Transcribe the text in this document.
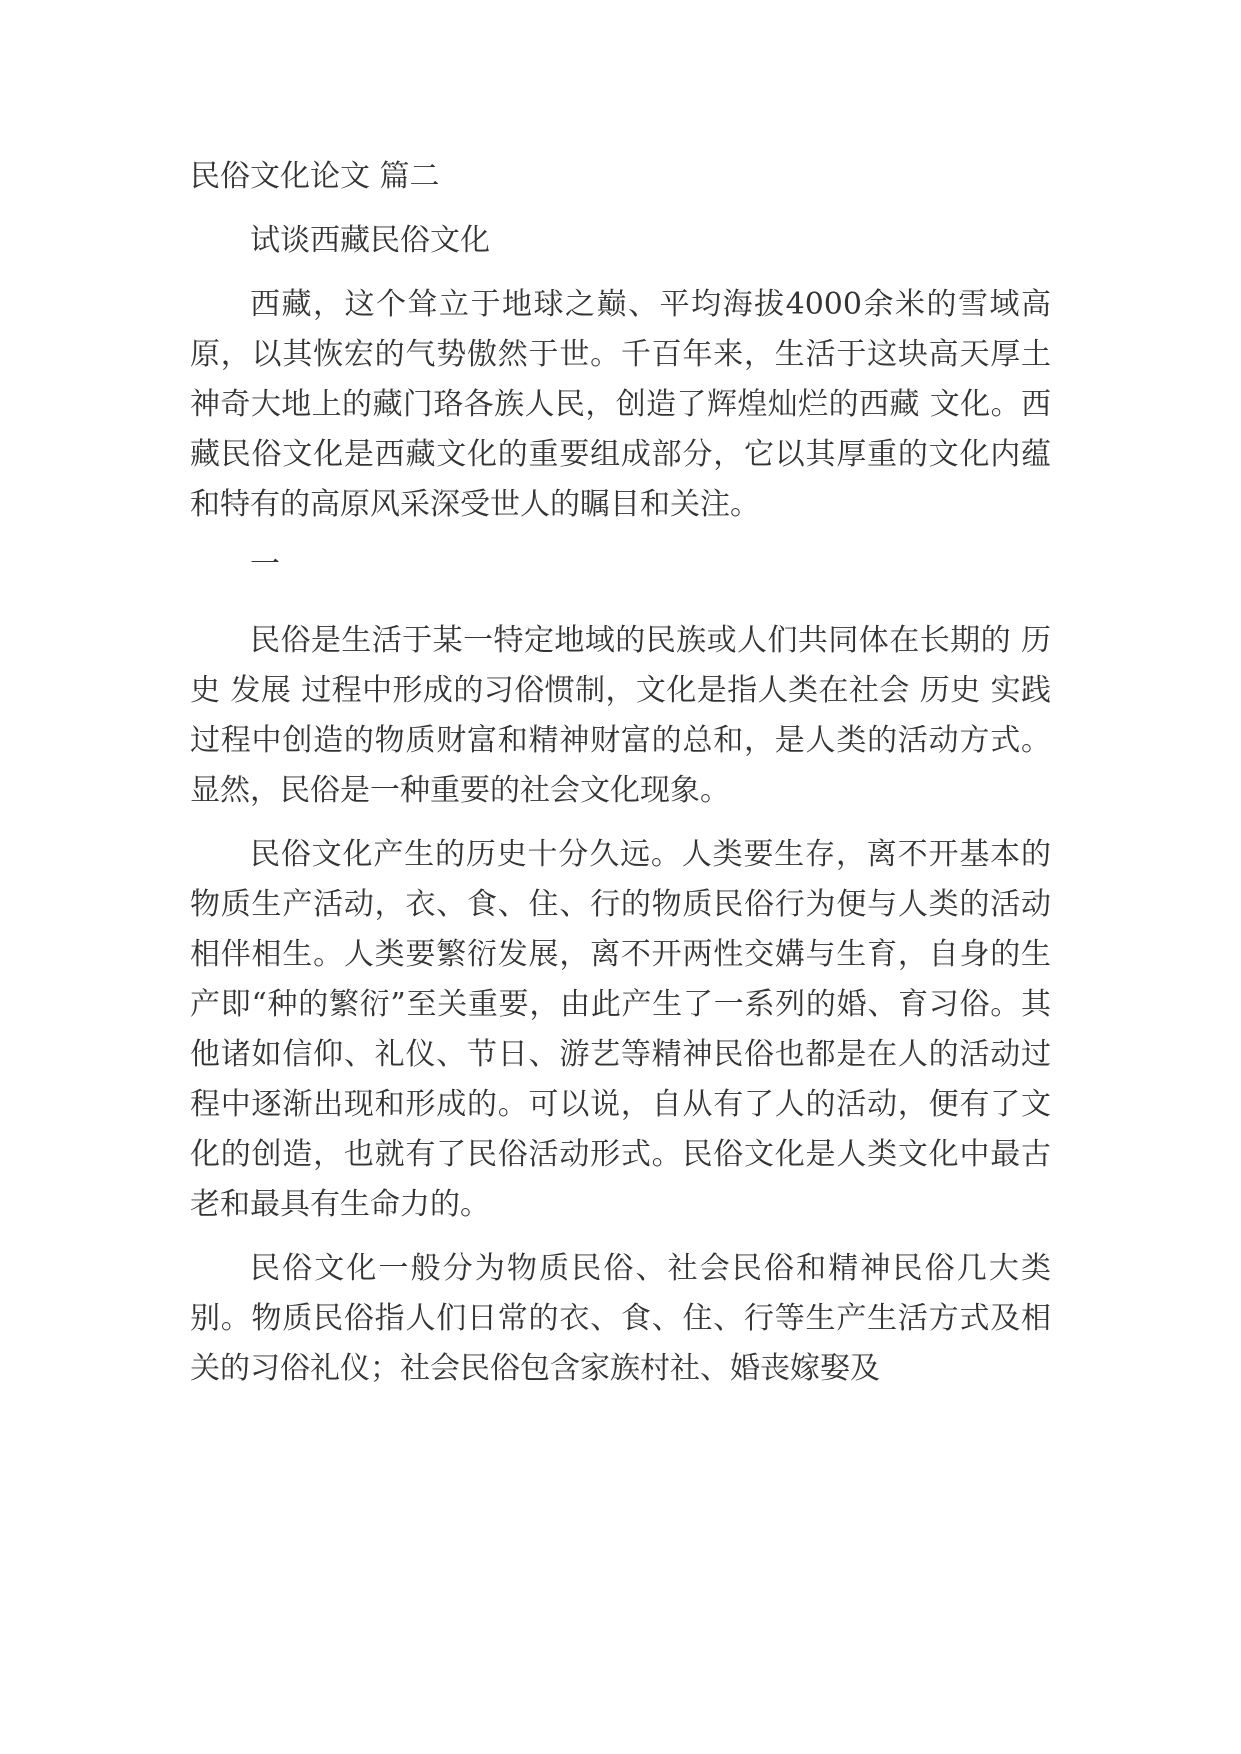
民俗文化论文 篇二

试谈西藏民俗文化

西藏，这个耸立于地球之巅、平均海拔4000余米的雪域高原，以其恢宏的气势傲然于世。千百年来，生活于这块高天厚土神奇大地上的藏门珞各族人民，创造了辉煌灿烂的西藏 文化。西藏民俗文化是西藏文化的重要组成部分，它以其厚重的文化内蕴和特有的高原风采深受世人的瞩目和关注。

一

民俗是生活于某一特定地域的民族或人们共同体在长期的 历史 发展 过程中形成的习俗惯制，文化是指人类在社会 历史 实践过程中创造的物质财富和精神财富的总和，是人类的活动方式。显然，民俗是一种重要的社会文化现象。

民俗文化产生的历史十分久远。人类要生存，离不开基本的物质生产活动，衣、食、住、行的物质民俗行为便与人类的活动相伴相生。人类要繁衍发展，离不开两性交媾与生育，自身的生产即“种的繁衍”至关重要，由此产生了一系列的婚、育习俗。其他诸如信仰、礼仪、节日、游艺等精神民俗也都是在人的活动过程中逐渐出现和形成的。可以说，自从有了人的活动，便有了文化的创造，也就有了民俗活动形式。民俗文化是人类文化中最古老和最具有生命力的。

民俗文化一般分为物质民俗、社会民俗和精神民俗几大类别。物质民俗指人们日常的衣、食、住、行等生产生活方式及相关的习俗礼仪；社会民俗包含家族村社、婚丧嫁娶及
